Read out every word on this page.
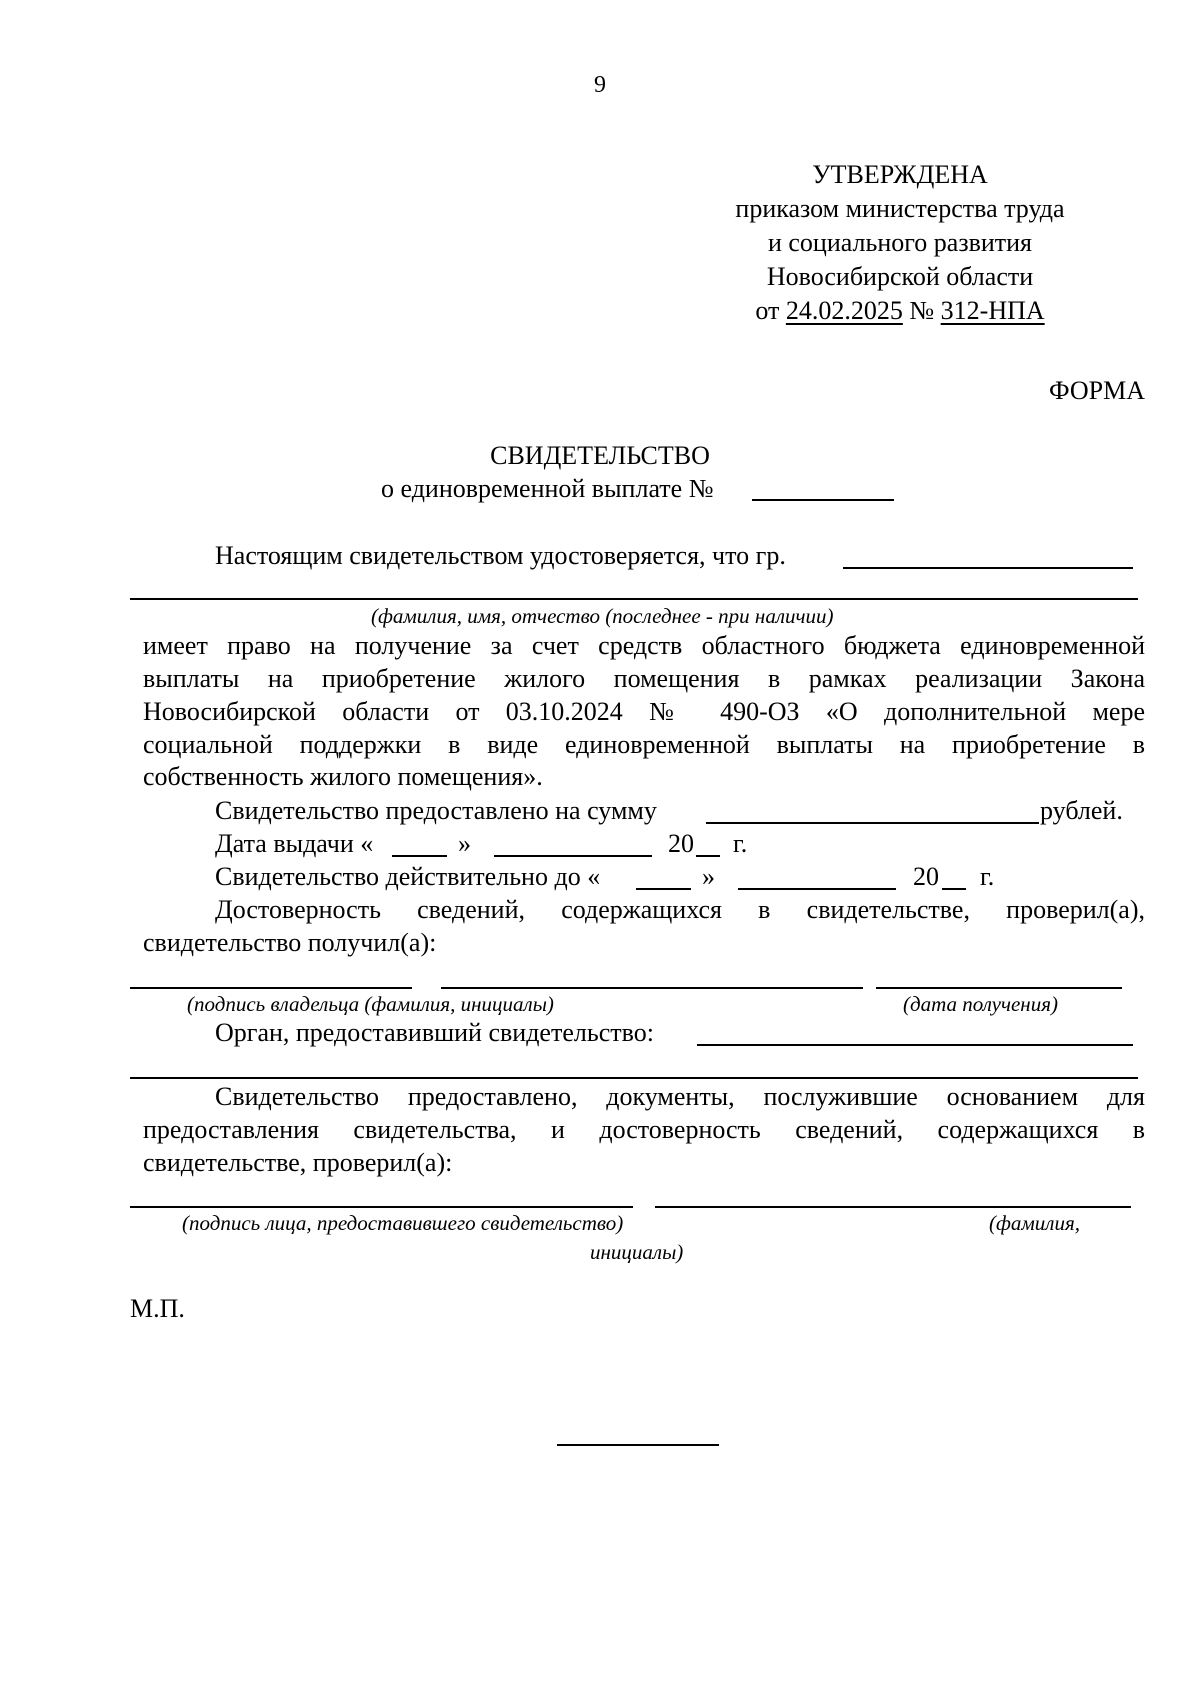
9
УТВЕРЖДЕНА
приказом министерства труда
и социального развития
Новосибирской области
от 24.02.2025 № 312-НПА
ФОРМА
СВИДЕТЕЛЬСТВО
о единовременной выплате №
Настоящим свидетельством удостоверяется, что гр.
(фамилия, имя, отчество (последнее - при наличии)
имеет право на получение за счет средств областного бюджета единовременной
выплаты на приобретение жилого помещения в рамках реализации Закона
Новосибирской области от 03.10.2024 № 490-ОЗ «О дополнительной мере
социальной поддержки в виде единовременной выплаты на приобретение в
собственность жилого помещения».
Свидетельство предоставлено на сумму	рублей.
Дата выдачи «	»	20 г.
Свидетельство действительно до «	»	20 г.
Достоверность сведений, содержащихся в свидетельстве, проверил(а),
свидетельство получил(а):
(подпись владельца (фамилия, инициалы)	(дата получения)
Орган, предоставивший свидетельство:
Свидетельство предоставлено, документы, послужившие основанием для
предоставления свидетельства, и достоверность сведений, содержащихся в
свидетельстве, проверил(а):
(подпись лица, предоставившего свидетельство)	(фамилия,
инициалы)
М.П.
